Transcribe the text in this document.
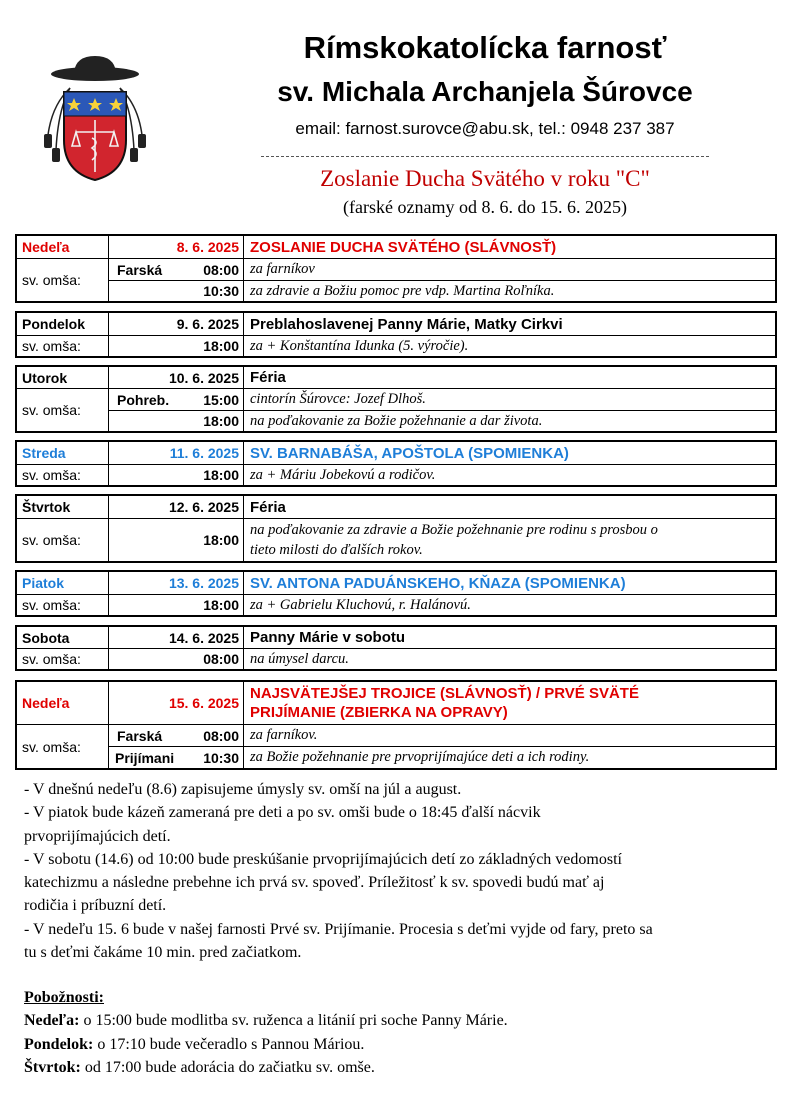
Rímskokatolícka farnosť
sv. Michala Archanjela Šúrovce
email: farnost.surovce@abu.sk, tel.: 0948 237 387
Zoslanie Ducha Svätého v roku "C"
(farské oznamy od 8. 6. do 15. 6. 2025)
Nedeľa	8. 6. 2025 ZOSLANIE DUCHA SVÄTÉHO (SLÁVNOSŤ)
sv. omša:
Farská	08:00 za farníkov
10:30 za zdravie a Božiu pomoc pre vdp. Martina Roľníka.
Pondelok	9. 6. 2025 Preblahoslavenej Panny Márie, Matky Cirkvi
sv. omša:	18:00 za + Konštantína Idunka (5. výročie).
Utorok	10. 6. 2025 Féria
sv. omša:
Pohreb. 15:00 cintorín Šúrovce: Jozef Dlhoš.
18:00 na poďakovanie za Božie požehnanie a dar života.
Streda	11. 6. 2025 SV. BARNABÁŠA, APOŠTOLA (SPOMIENKA)
sv. omša:	18:00 za + Máriu Jobekovú a rodičov.
Štvrtok	12. 6. 2025 Féria
sv. omša:	18:00
na poďakovanie za zdravie a Božie požehnanie pre rodinu s prosbou o
tieto milosti do ďalších rokov.
Piatok	13. 6. 2025 SV. ANTONA PADUÁNSKEHO, KŇAZA (SPOMIENKA)
sv. omša:	18:00 za + Gabrielu Kluchovú, r. Halánovú.
Sobota	14. 6. 2025 Panny Márie v sobotu
sv. omša:	08:00 na úmysel darcu.
Nedeľa	15. 6. 2025
NAJSVÄTEJŠEJ TROJICE (SLÁVNOSŤ) / PRVÉ SVÄTÉ
PRIJÍMANIE (ZBIERKA NA OPRAVY)
sv. omša:
Farská	08:00 za farníkov.
Prijímani 10:30 za Božie požehnanie pre prvoprijímajúce deti a ich rodiny.

- V dnešnú nedeľu (8.6) zapisujeme úmysly sv. omší na júl a august.

- V piatok bude kázeň zameraná pre deti a po sv. omši bude o 18:45 ďalší nácvik

prvoprijímajúcich detí.

- V sobotu (14.6) od 10:00 bude preskúšanie prvoprijímajúcich detí zo základných vedomostí

katechizmu a následne prebehne ich prvá sv. spoveď. Príležitosť k sv. spovedi budú mať aj

rodičia i príbuzní detí.

- V nedeľu 15. 6 bude v našej farnosti Prvé sv. Prijímanie. Procesia s deťmi vyjde od fary, preto sa

tu s deťmi čakáme 10 min. pred začiatkom.

Pobožnosti:

Nedeľa: o 15:00 bude modlitba sv. ruženca a litánií pri soche Panny Márie.

Pondelok: o 17:10 bude večeradlo s Pannou Máriou.

Štvrtok: od 17:00 bude adorácia do začiatku sv. omše.
